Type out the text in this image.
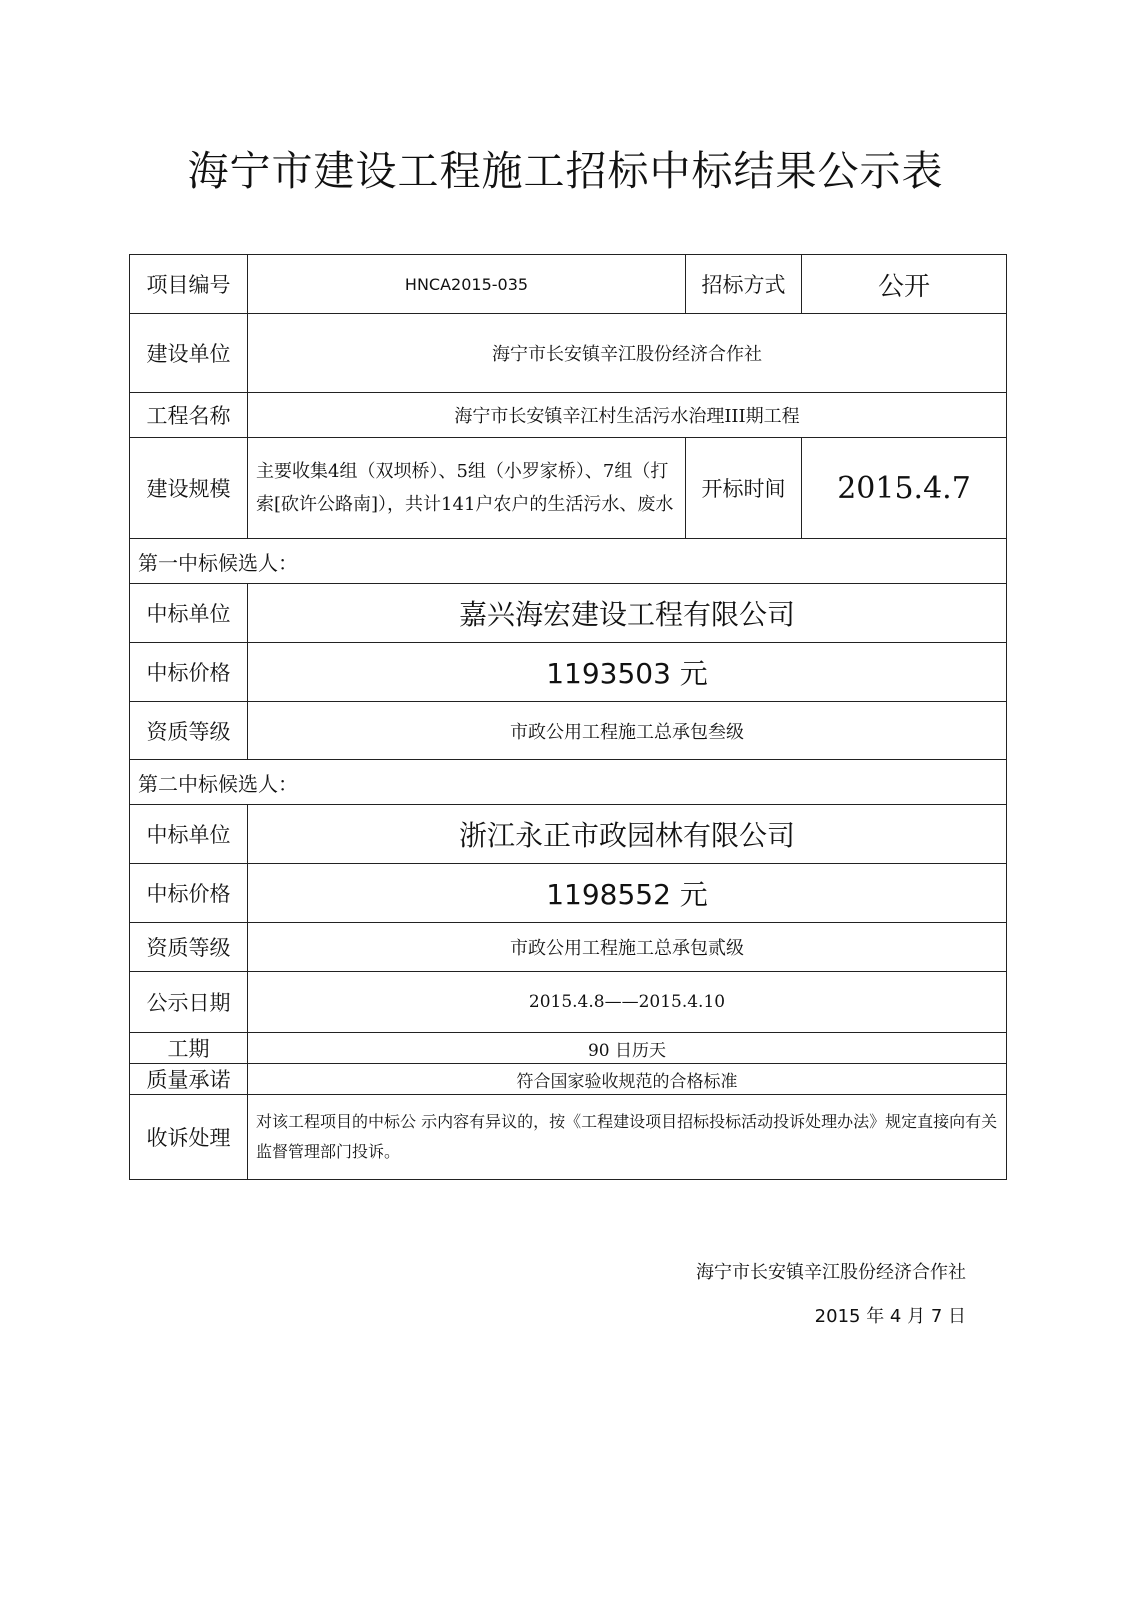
海宁市建设工程施工招标中标结果公示表
项目编号	HNCA2015-035	招标方式	公开
建设单位	海宁市长安镇辛江股份经济合作社		
工程名称	海宁市长安镇辛江村生活污水治理III期工程		
建设规模	主要收集4组（双坝桥）、5组（小罗家桥）、7组（打索[砍许公路南]），共计141户农户的生活污水、废水	开标时间	2015.4.7
第一中标候选人：			
中标单位	嘉兴海宏建设工程有限公司		
中标价格	1193503 元		
资质等级	市政公用工程施工总承包叁级		
第二中标候选人：			
中标单位	浙江永正市政园林有限公司		
中标价格	1198552 元		
资质等级	市政公用工程施工总承包贰级		
公示日期	2015.4.8——2015.4.10		
工期	90 日历天		
质量承诺	符合国家验收规范的合格标准		
收诉处理	对该工程项目的中标公 示内容有异议的，按《工程建设项目招标投标活动投诉处理办法》规定直接向有关监督管理部门投诉。		
海宁市长安镇辛江股份经济合作社
2015 年 4 月 7 日
